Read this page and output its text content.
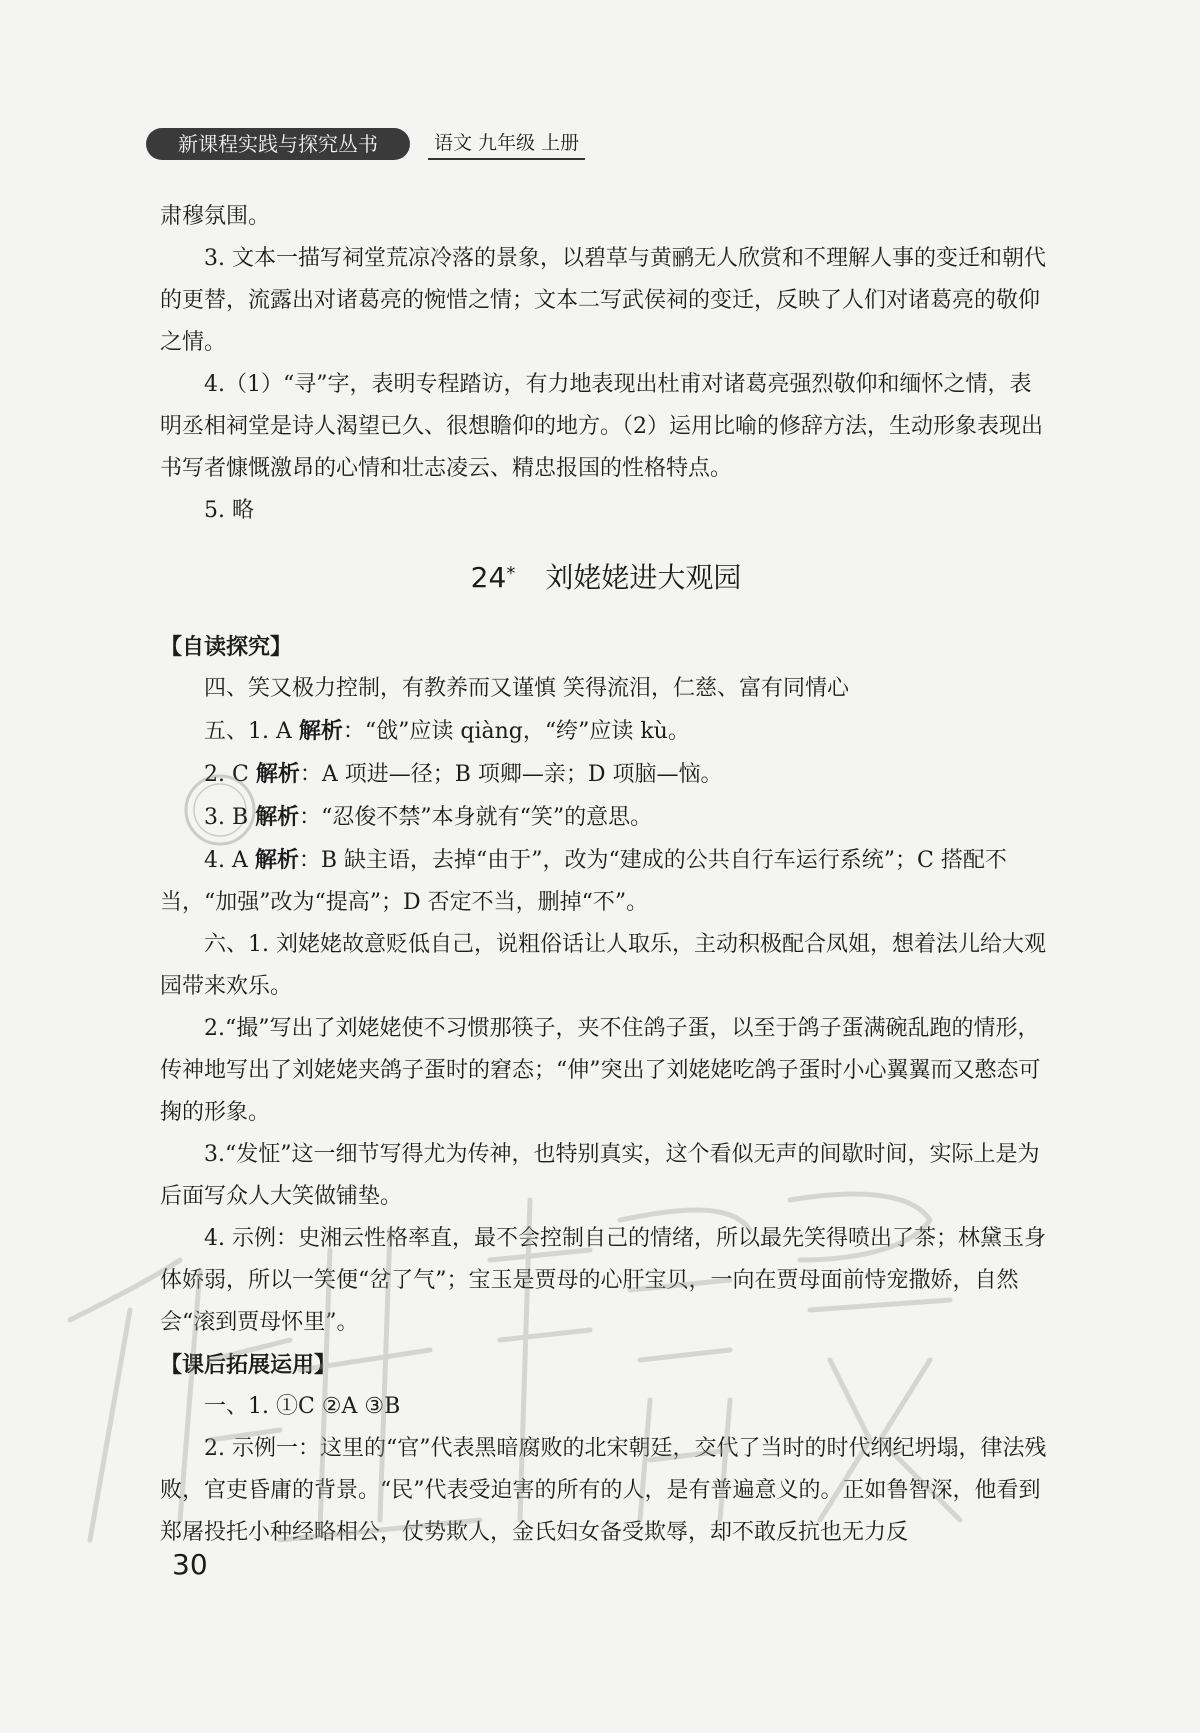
新课程实践与探究丛书	语文 九年级 上册

肃穆氛围。

3. 文本一描写祠堂荒凉冷落的景象，以碧草与黄鹂无人欣赏和不理解人事的变迁和朝代的更替，流露出对诸葛亮的惋惜之情；文本二写武侯祠的变迁，反映了人们对诸葛亮的敬仰之情。

4.（1）“寻”字，表明专程踏访，有力地表现出杜甫对诸葛亮强烈敬仰和缅怀之情，表明丞相祠堂是诗人渴望已久、很想瞻仰的地方。（2）运用比喻的修辞方法，生动形象表现出书写者慷慨激昂的心情和壮志凌云、精忠报国的性格特点。

5. 略

24* 刘姥姥进大观园

【自读探究】

四、笑又极力控制，有教养而又谨慎 笑得流泪，仁慈、富有同情心

五、1. A 解析：“戗”应读 qiàng，“绔”应读 kù。

2. C 解析：A 项进—径；B 项卿—亲；D 项脑—恼。

3. B 解析：“忍俊不禁”本身就有“笑”的意思。

4. A 解析：B 缺主语，去掉“由于”，改为“建成的公共自行车运行系统”；C 搭配不当，“加强”改为“提高”；D 否定不当，删掉“不”。

六、1. 刘姥姥故意贬低自己，说粗俗话让人取乐，主动积极配合凤姐，想着法儿给大观园带来欢乐。

2.“撮”写出了刘姥姥使不习惯那筷子，夹不住鸽子蛋，以至于鸽子蛋满碗乱跑的情形，传神地写出了刘姥姥夹鸽子蛋时的窘态；“伸”突出了刘姥姥吃鸽子蛋时小心翼翼而又憨态可掬的形象。

3.“发怔”这一细节写得尤为传神，也特别真实，这个看似无声的间歇时间，实际上是为后面写众人大笑做铺垫。

4. 示例：史湘云性格率直，最不会控制自己的情绪，所以最先笑得喷出了茶；林黛玉身体娇弱，所以一笑便“岔了气”；宝玉是贾母的心肝宝贝，一向在贾母面前恃宠撒娇，自然会“滚到贾母怀里”。

【课后拓展运用】

一、1. ①C ②A ③B

2. 示例一：这里的“官”代表黑暗腐败的北宋朝廷，交代了当时的时代纲纪坍塌，律法残败，官吏昏庸的背景。“民”代表受迫害的所有的人，是有普遍意义的。正如鲁智深，他看到郑屠投托小种经略相公，仗势欺人，金氏妇女备受欺辱，却不敢反抗也无力反

30
